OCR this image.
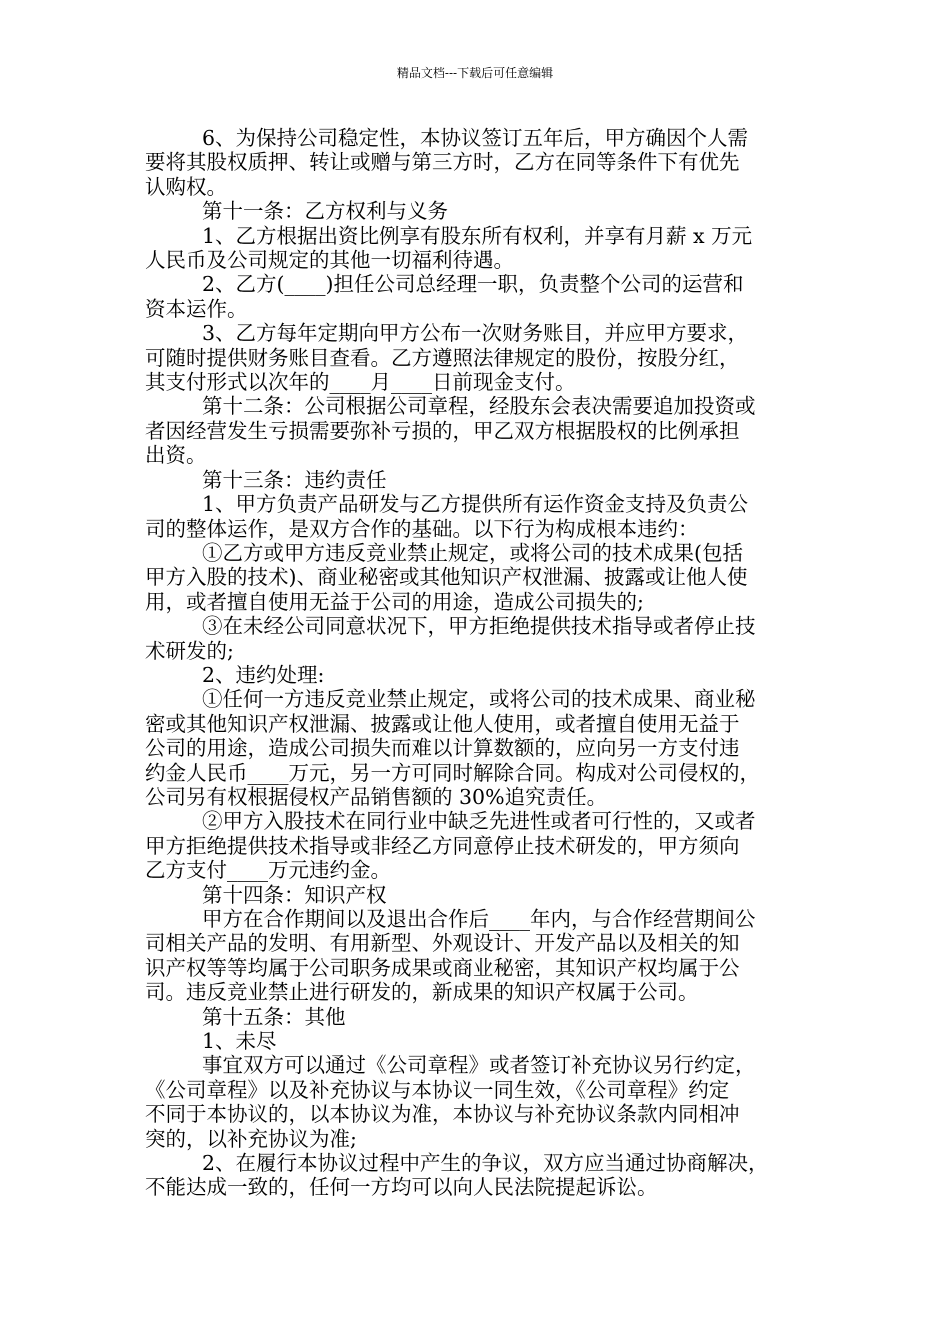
精品文档---下载后可任意编辑

6、为保持公司稳定性，本协议签订五年后，甲方确因个人需

要将其股权质押、转让或赠与第三方时，乙方在同等条件下有优先

认购权。

第十一条：乙方权利与义务

1、乙方根据出资比例享有股东所有权利，并享有月薪 x 万元

人民币及公司规定的其他一切福利待遇。

2、乙方(____)担任公司总经理一职，负责整个公司的运营和

资本运作。

3、乙方每年定期向甲方公布一次财务账目，并应甲方要求，

可随时提供财务账目查看。乙方遵照法律规定的股份，按股分红，

其支付形式以次年的____月____日前现金支付。

第十二条：公司根据公司章程，经股东会表决需要追加投资或

者因经营发生亏损需要弥补亏损的，甲乙双方根据股权的比例承担

出资。

第十三条：违约责任

1、甲方负责产品研发与乙方提供所有运作资金支持及负责公

司的整体运作，是双方合作的基础。以下行为构成根本违约：

①乙方或甲方违反竞业禁止规定，或将公司的技术成果(包括

甲方入股的技术)、商业秘密或其他知识产权泄漏、披露或让他人使

用，或者擅自使用无益于公司的用途，造成公司损失的;

③在未经公司同意状况下，甲方拒绝提供技术指导或者停止技

术研发的;

2、违约处理:

①任何一方违反竞业禁止规定，或将公司的技术成果、商业秘

密或其他知识产权泄漏、披露或让他人使用，或者擅自使用无益于

公司的用途，造成公司损失而难以计算数额的，应向另一方支付违

约金人民币____万元，另一方可同时解除合同。构成对公司侵权的，

公司另有权根据侵权产品销售额的 30%追究责任。

②甲方入股技术在同行业中缺乏先进性或者可行性的，又或者

甲方拒绝提供技术指导或非经乙方同意停止技术研发的，甲方须向

乙方支付____万元违约金。

第十四条：知识产权

甲方在合作期间以及退出合作后____年内，与合作经营期间公

司相关产品的发明、有用新型、外观设计、开发产品以及相关的知

识产权等等均属于公司职务成果或商业秘密，其知识产权均属于公

司。违反竞业禁止进行研发的，新成果的知识产权属于公司。

第十五条：其他

1、未尽

事宜双方可以通过《公司章程》或者签订补充协议另行约定，

《公司章程》以及补充协议与本协议一同生效，《公司章程》约定

不同于本协议的，以本协议为准，本协议与补充协议条款内同相冲

突的，以补充协议为准;

2、在履行本协议过程中产生的争议，双方应当通过协商解决，

不能达成一致的，任何一方均可以向人民法院提起诉讼。
